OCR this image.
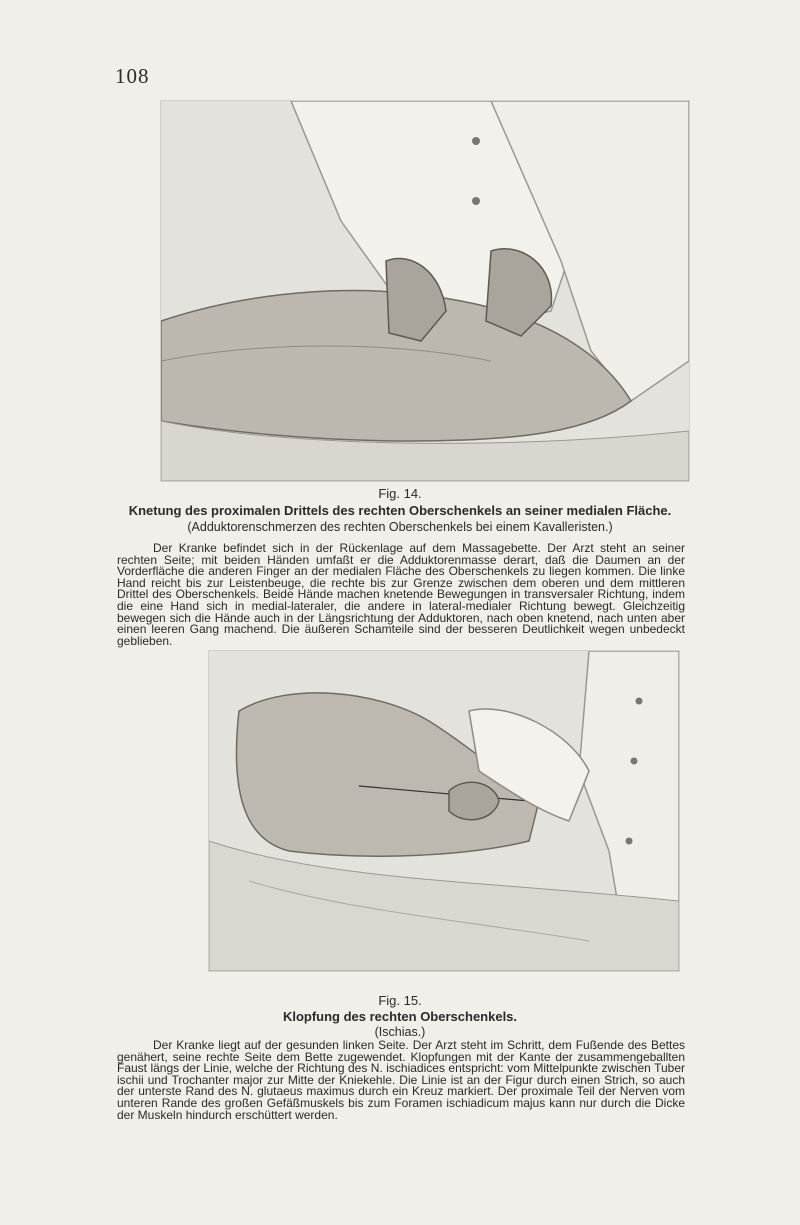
108
Fig. 14.
Knetung des proximalen Drittels des rechten Oberschenkels an seiner medialen Fläche.
(Adduktorenschmerzen des rechten Oberschenkels bei einem Kavalleristen.)

Der Kranke befindet sich in der Rückenlage auf dem Massagebette. Der Arzt steht an seiner rechten Seite; mit beiden Händen umfaßt er die Adduktorenmasse derart, daß die Daumen an der Vorderfläche die anderen Finger an der medialen Fläche des Oberschenkels zu liegen kommen. Die linke Hand reicht bis zur Leistenbeuge, die rechte bis zur Grenze zwischen dem oberen und dem mittleren Drittel des Oberschenkels. Beide Hände machen knetende Bewegungen in transversaler Richtung, indem die eine Hand sich in medial-lateraler, die andere in lateral-medialer Richtung bewegt. Gleichzeitig bewegen sich die Hände auch in der Längsrichtung der Adduktoren, nach oben knetend, nach unten aber einen leeren Gang machend. Die äußeren Schamteile sind der besseren Deutlichkeit wegen unbedeckt geblieben.

Fig. 15.
Klopfung des rechten Oberschenkels.
(Ischias.)

Der Kranke liegt auf der gesunden linken Seite. Der Arzt steht im Schritt, dem Fußende des Bettes genähert, seine rechte Seite dem Bette zugewendet. Klopfungen mit der Kante der zusammengeballten Faust längs der Linie, welche der Richtung des N. ischiadices entspricht: vom Mittelpunkte zwischen Tuber ischii und Trochanter major zur Mitte der Kniekehle. Die Linie ist an der Figur durch einen Strich, so auch der unterste Rand des N. glutaeus maximus durch ein Kreuz markiert. Der proximale Teil der Nerven vom unteren Rande des großen Gefäßmuskels bis zum Foramen ischiadicum majus kann nur durch die Dicke der Muskeln hindurch erschüttert werden.
